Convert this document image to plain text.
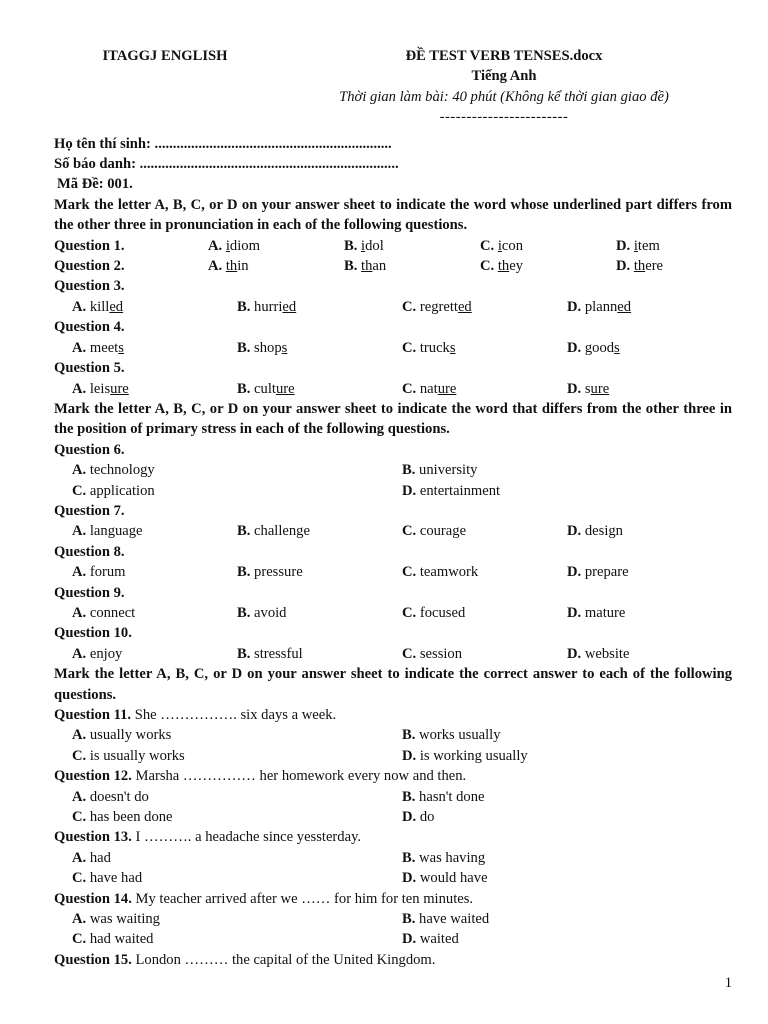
ITAGGJ ENGLISH	ĐỀ TEST VERB TENSES.docx
Tiếng Anh
Thời gian làm bài: 40 phút (Không kể thời gian giao đề)
------------------------
Họ tên thí sinh: .................................................................
Số báo danh: .......................................................................
Mã Đề: 001.
Mark the letter A, B, C, or D on your answer sheet to indicate the word whose underlined part differs from the other three in pronunciation in each of the following questions.
Question 1.	A. idiom	B. idol	C. icon	D. item
Question 2.	A. thin	B. than	C. they	D. there
Question 3.
A. killed	B. hurried	C. regretted	D. planned
Question 4.
A. meets	B. shops	C. trucks	D. goods
Question 5.
A. leisure	B. culture	C. nature	D. sure
Mark the letter A, B, C, or D on your answer sheet to indicate the word that differs from the other three in the position of primary stress in each of the following questions.
Question 6.
A. technology	B. university
C. application	D. entertainment
Question 7.
A. language	B. challenge	C. courage	D. design
Question 8.
A. forum	B. pressure	C. teamwork	D. prepare
Question 9.
A. connect	B. avoid	C. focused	D. mature
Question 10.
A. enjoy	B. stressful	C. session	D. website
Mark the letter A, B, C, or D on your answer sheet to indicate the correct answer to each of the following questions.
Question 11. She ……………. six days a week.
A. usually works	B. works usually
C. is usually works	D. is working usually
Question 12. Marsha …………… her homework every now and then.
A. doesn't do	B. hasn't done
C. has been done	D. do
Question 13. I ………. a headache since yessterday.
A. had	B. was having
C. have had	D. would have
Question 14. My teacher arrived after we …… for him for ten minutes.
A. was waiting	B. have waited
C. had waited	D. waited
Question 15. London ……… the capital of the United Kingdom.
1
